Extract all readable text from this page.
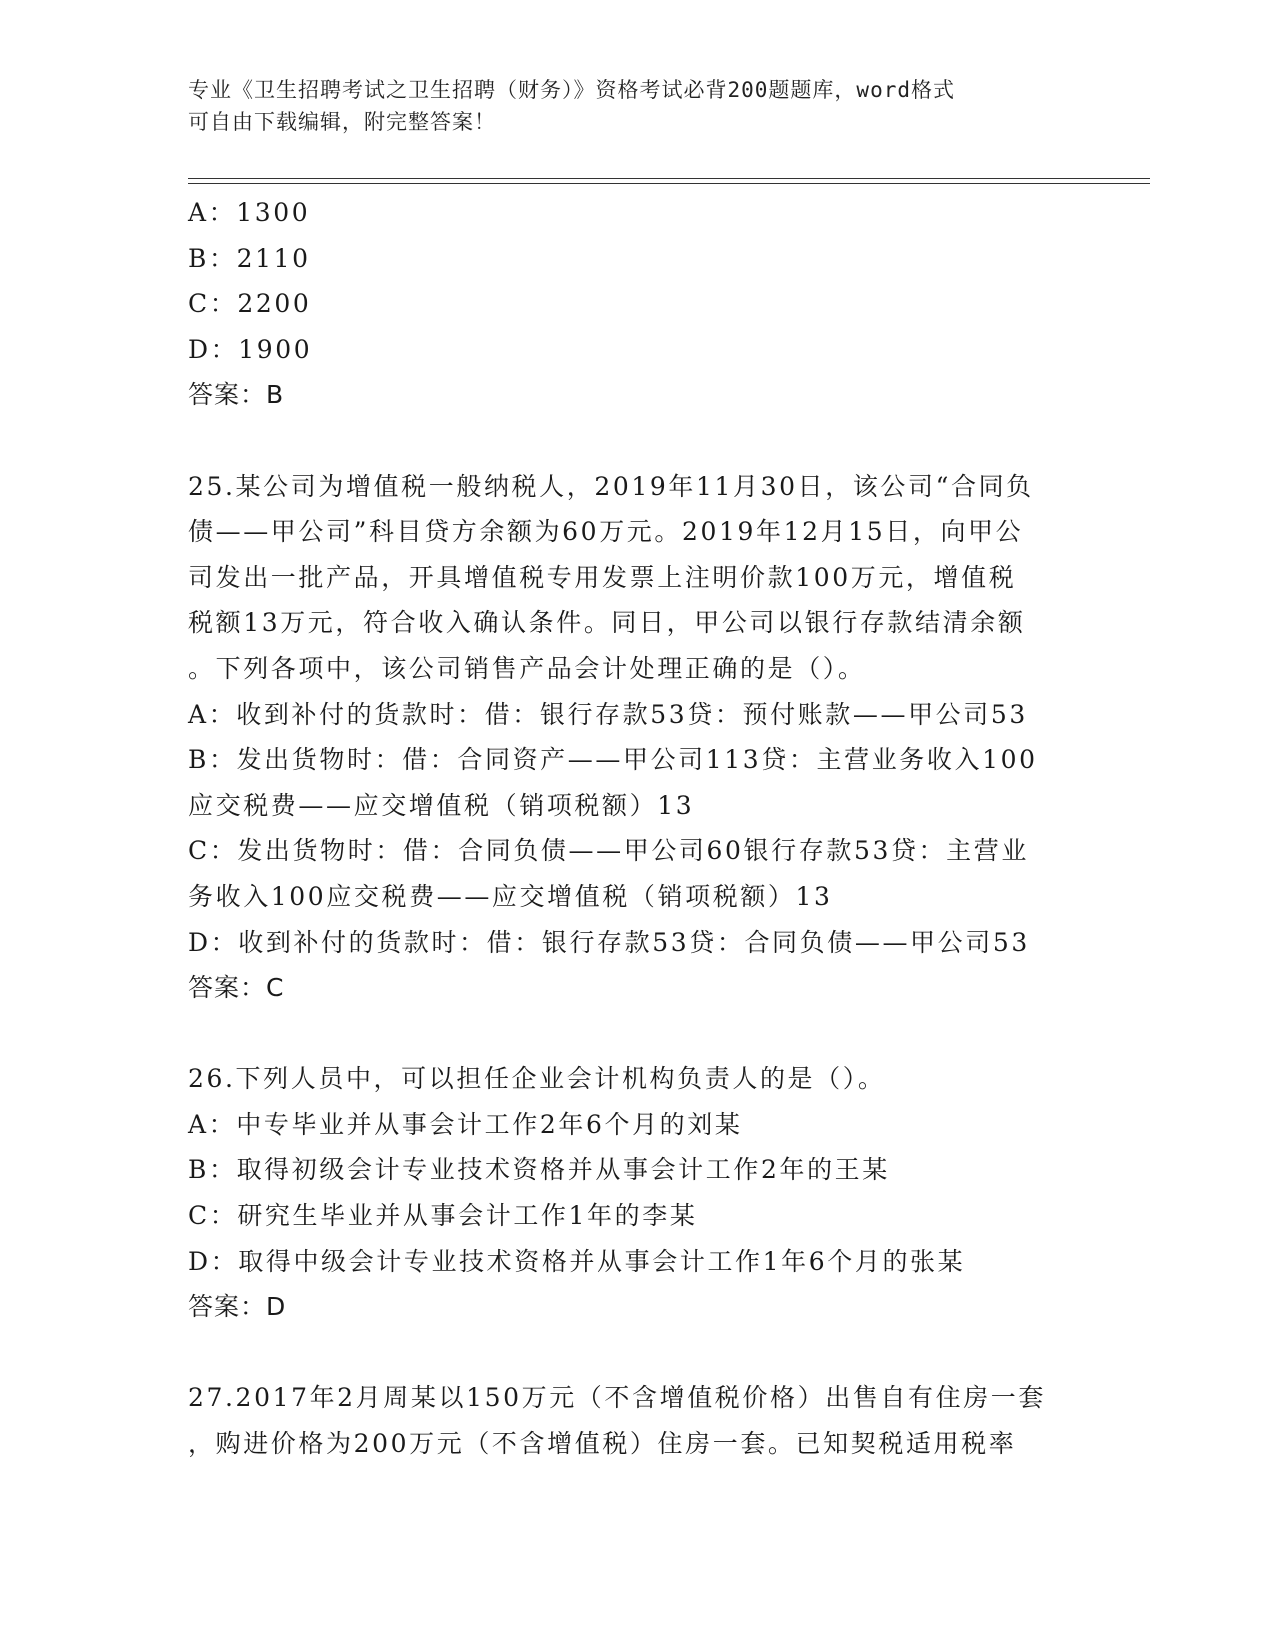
专业《卫生招聘考试之卫生招聘（财务）》资格考试必背200题题库，word格式
可自由下载编辑，附完整答案！
A：1300
B：2110
C：2200
D：1900
答案：B
25.某公司为增值税一般纳税人，2019年11月30日，该公司“合同负
债——甲公司”科目贷方余额为60万元。2019年12月15日，向甲公
司发出一批产品，开具增值税专用发票上注明价款100万元，增值税
税额13万元，符合收入确认条件。同日，甲公司以银行存款结清余额
。下列各项中，该公司销售产品会计处理正确的是（）。
A：收到补付的货款时：借：银行存款53贷：预付账款——甲公司53
B：发出货物时：借：合同资产——甲公司113贷：主营业务收入100
应交税费——应交增值税（销项税额）13
C：发出货物时：借：合同负债——甲公司60银行存款53贷：主营业
务收入100应交税费——应交增值税（销项税额）13
D：收到补付的货款时：借：银行存款53贷：合同负债——甲公司53
答案：C
26.下列人员中，可以担任企业会计机构负责人的是（）。
A：中专毕业并从事会计工作2年6个月的刘某
B：取得初级会计专业技术资格并从事会计工作2年的王某
C：研究生毕业并从事会计工作1年的李某
D：取得中级会计专业技术资格并从事会计工作1年6个月的张某
答案：D
27.2017年2月周某以150万元（不含增值税价格）出售自有住房一套
，购进价格为200万元（不含增值税）住房一套。已知契税适用税率
